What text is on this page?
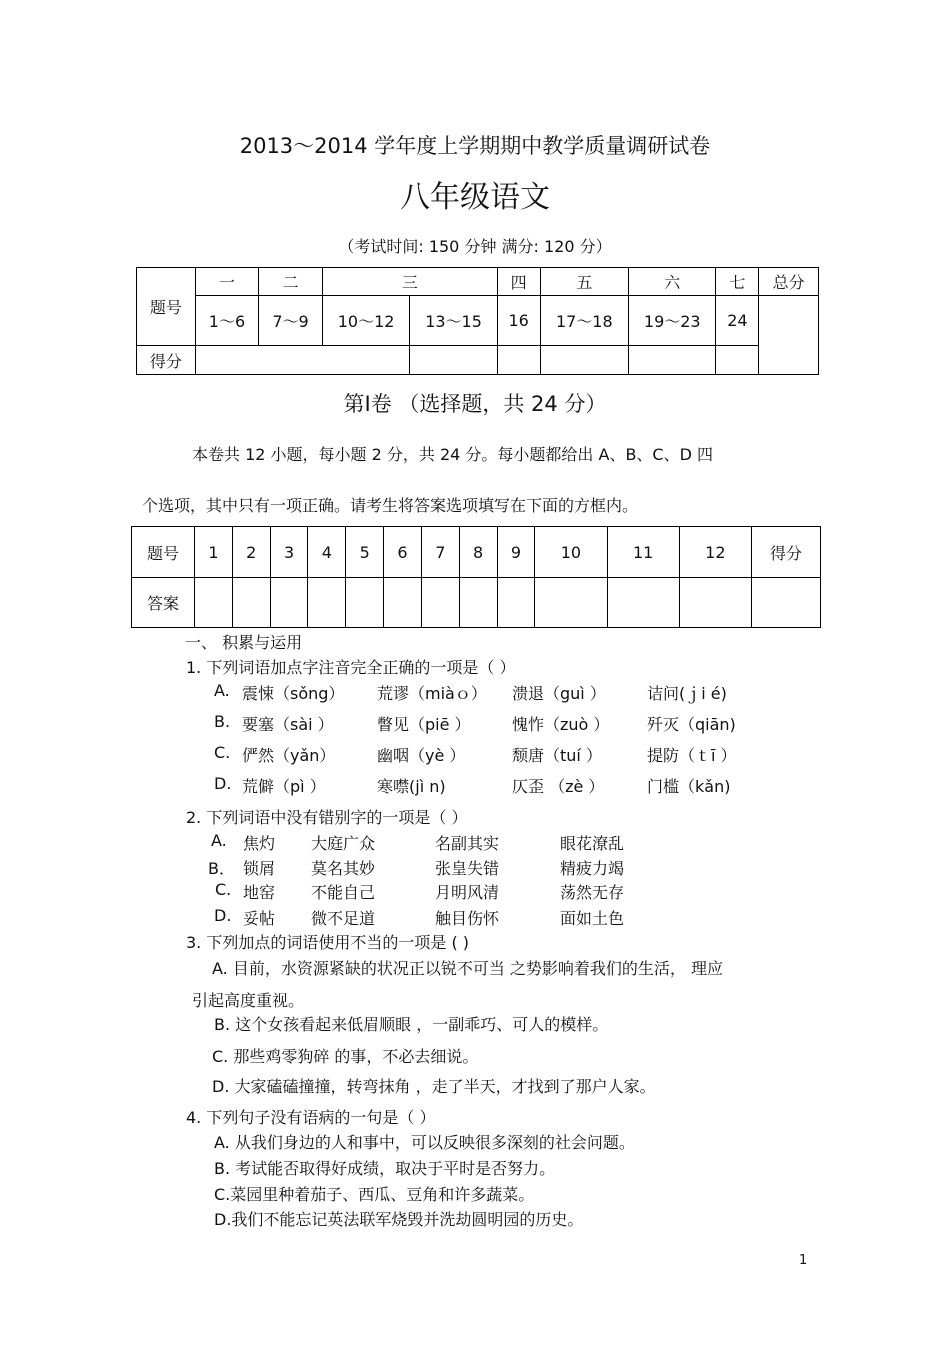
2013～2014 学年度上学期期中教学质量调研试卷
八年级语文
（考试时间: 150 分钟 满分: 120 分）
题号	一	二	三		四	五	六	七	总分
	1～6	7～9	10～12	13～15	16	17～18	19～23	24	
得分									
第Ⅰ卷 （选择题，共 24 分）
本卷共 12 小题，每小题 2 分，共 24 分。每小题都给出 A、B、C、D 四
个选项，其中只有一项正确。请考生将答案选项填写在下面的方框内。
题号	1	2	3	4	5	6	7	8	9	10	11	12	得分
答案													
一、 积累与运用
1. 下列词语加点字注音完全正确的一项是（ ）
A. 震悚（sǒng） 荒谬（miàｏ） 溃退（guì ）	诘问(ｊi é)
B. 要塞（sài ）	瞥见（piē ）	愧怍（zuò ） 歼灭（qiān)
C. 俨然（yǎn）	幽咽（yè ）	颓唐（tuí ）	提防（ｔī ）
D. 荒僻（pì ）	寒噤(jì n)	仄歪 （zè ）	门槛（kǎn)
2. 下列词语中没有错别字的一项是（ ）
A. 焦灼 大庭广众	名副其实	眼花潦乱
B． 锁屑 莫名其妙	张皇失错	精疲力竭
C. 地窑 不能自己	月明风清	荡然无存
D. 妥帖 微不足道	触目伤怀	面如土色
3. 下列加点的词语使用不当的一项是 ( )
A. 目前，水资源紧缺的状况正以锐不可当 之势影响着我们的生活， 理应
引起高度重视。
B. 这个女孩看起来低眉顺眼 ，一副乖巧、可人的模样。
C. 那些鸡零狗碎 的事，不必去细说。
D. 大家磕磕撞撞，转弯抹角 ，走了半天，才找到了那户人家。
4. 下列句子没有语病的一句是（ ）
A. 从我们身边的人和事中，可以反映很多深刻的社会问题。
B. 考试能否取得好成绩，取决于平时是否努力。
C.菜园里种着茄子、西瓜、豆角和许多蔬菜。
D.我们不能忘记英法联军烧毁并洗劫圆明园的历史。
1
